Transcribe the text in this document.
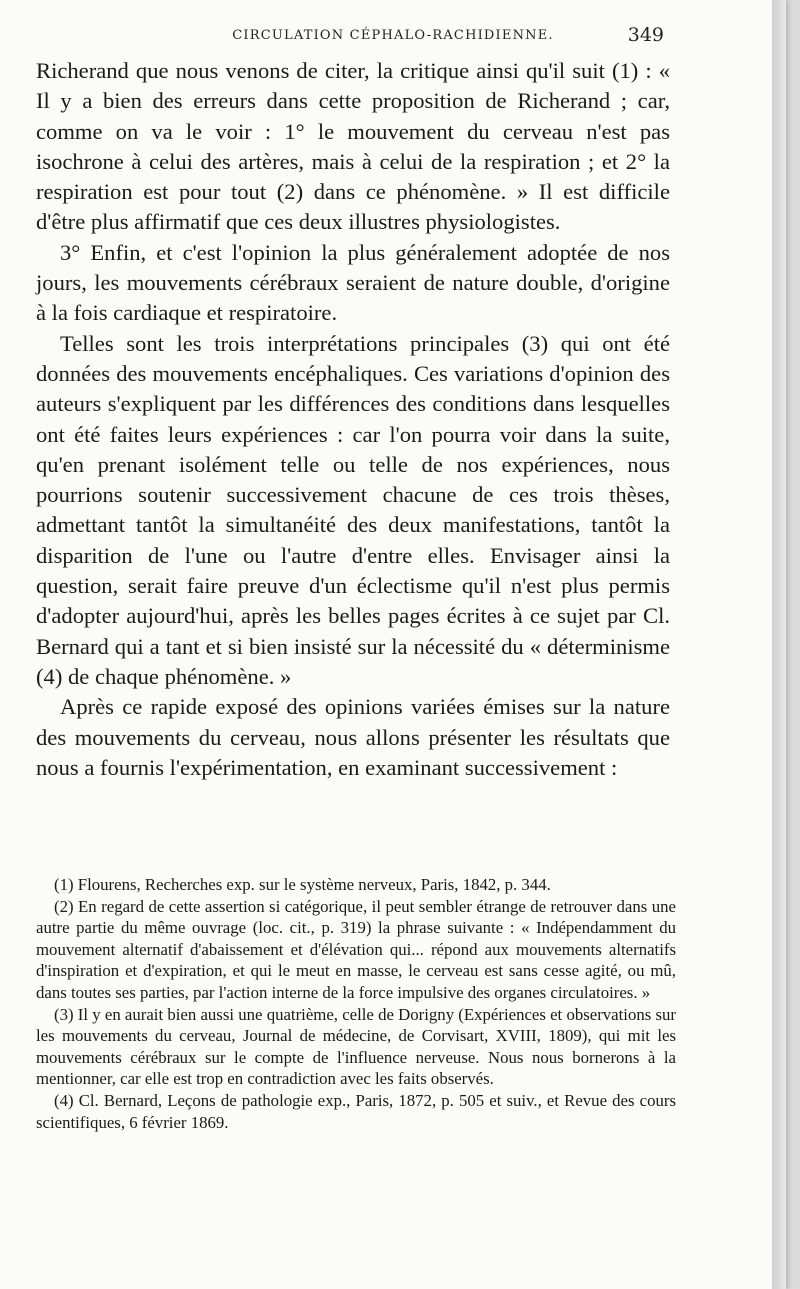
CIRCULATION CÉPHALO-RACHIDIENNE.	349

Richerand que nous venons de citer, la critique ainsi qu'il suit (1) : « Il y a bien des erreurs dans cette proposition de Richerand ; car, comme on va le voir : 1° le mouvement du cerveau n'est pas isochrone à celui des artères, mais à celui de la respiration ; et 2° la respiration est pour tout (2) dans ce phénomène. » Il est difficile d'être plus affirmatif que ces deux illustres physiologistes.

3° Enfin, et c'est l'opinion la plus généralement adoptée de nos jours, les mouvements cérébraux seraient de nature double, d'origine à la fois cardiaque et respiratoire.

Telles sont les trois interprétations principales (3) qui ont été données des mouvements encéphaliques. Ces variations d'opinion des auteurs s'expliquent par les différences des conditions dans lesquelles ont été faites leurs expériences : car l'on pourra voir dans la suite, qu'en prenant isolément telle ou telle de nos expériences, nous pourrions soutenir successivement chacune de ces trois thèses, admettant tantôt la simultanéité des deux manifestations, tantôt la disparition de l'une ou l'autre d'entre elles. Envisager ainsi la question, serait faire preuve d'un éclectisme qu'il n'est plus permis d'adopter aujourd'hui, après les belles pages écrites à ce sujet par Cl. Bernard qui a tant et si bien insisté sur la nécessité du « déterminisme (4) de chaque phénomène. »

Après ce rapide exposé des opinions variées émises sur la nature des mouvements du cerveau, nous allons présenter les résultats que nous a fournis l'expérimentation, en examinant successivement :

(1) Flourens, Recherches exp. sur le système nerveux, Paris, 1842, p. 344.

(2) En regard de cette assertion si catégorique, il peut sembler étrange de retrouver dans une autre partie du même ouvrage (loc. cit., p. 319) la phrase suivante : « Indépendamment du mouvement alternatif d'abaissement et d'élévation qui... répond aux mouvements alternatifs d'inspiration et d'expiration, et qui le meut en masse, le cerveau est sans cesse agité, ou mû, dans toutes ses parties, par l'action interne de la force impulsive des organes circulatoires. »

(3) Il y en aurait bien aussi une quatrième, celle de Dorigny (Expériences et observations sur les mouvements du cerveau, Journal de médecine, de Corvisart, XVIII, 1809), qui mit les mouvements cérébraux sur le compte de l'influence nerveuse. Nous nous bornerons à la mentionner, car elle est trop en contradiction avec les faits observés.

(4) Cl. Bernard, Leçons de pathologie exp., Paris, 1872, p. 505 et suiv., et Revue des cours scientifiques, 6 février 1869.
